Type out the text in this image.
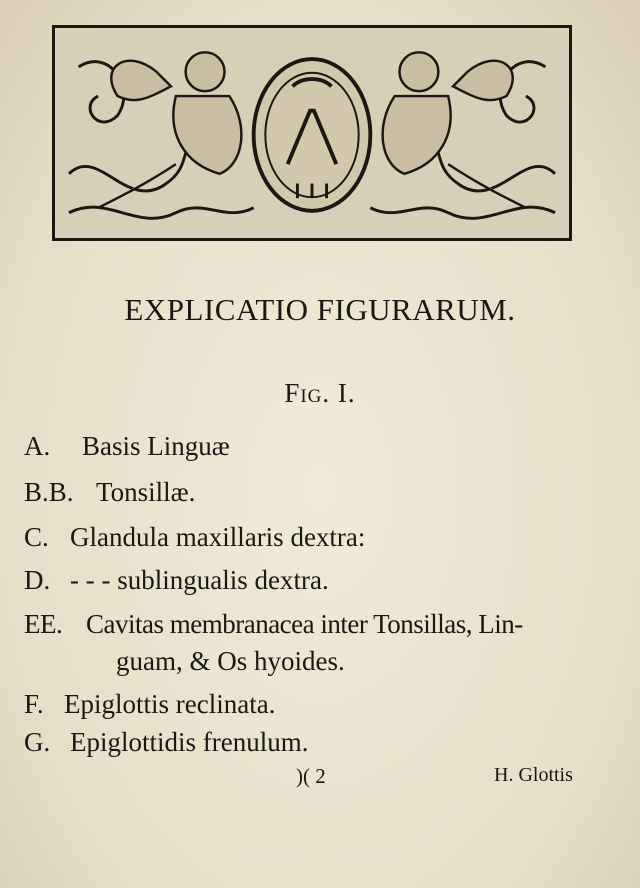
EXPLICATIO FIGURARUM.
Fig. I.
A. Basis Linguæ
B.B. Tonsillæ.
C. Glandula maxillaris dextra:
D. - - - sublingualis dextra.
EE. Cavitas membranacea inter Tonsillas, Lin-
guam, & Os hyoides.
F. Epiglottis reclinata.
G. Epiglottidis frenulum.
)( 2	H. Glottis
